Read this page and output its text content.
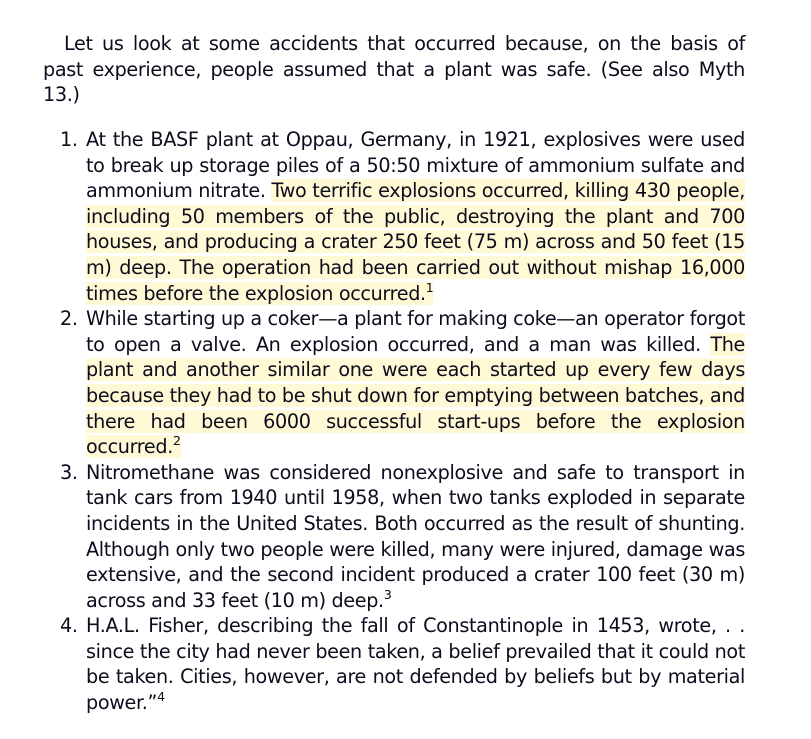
Let us look at some accidents that occurred because, on the basis of past experience, people assumed that a plant was safe. (See also Myth 13.)

1. At the BASF plant at Oppau, Germany, in 1921, explosives were used to break up storage piles of a 50:50 mixture of ammonium sulfate and ammonium nitrate. Two terrific explosions occurred, killing 430 people, including 50 members of the public, destroying the plant and 700 houses, and producing a crater 250 feet (75 m) across and 50 feet (15 m) deep. The operation had been carried out without mishap 16,000 times before the explosion occurred.$^1$
2. While starting up a coker—a plant for making coke—an operator forgot to open a valve. An explosion occurred, and a man was killed. The plant and another similar one were each started up every few days because they had to be shut down for emptying between batches, and there had been 6000 successful start-ups before the explosion occurred.$^2$
3. Nitromethane was considered nonexplosive and safe to transport in tank cars from 1940 until 1958, when two tanks exploded in separate incidents in the United States. Both occurred as the result of shunting. Although only two people were killed, many were injured, damage was extensive, and the second incident produced a crater 100 feet (30 m) across and 33 feet (10 m) deep.$^3$
4. H.A.L. Fisher, describing the fall of Constantinople in 1453, wrote, . . since the city had never been taken, a belief prevailed that it could not be taken. Cities, however, are not defended by beliefs but by material power.”$^4$
